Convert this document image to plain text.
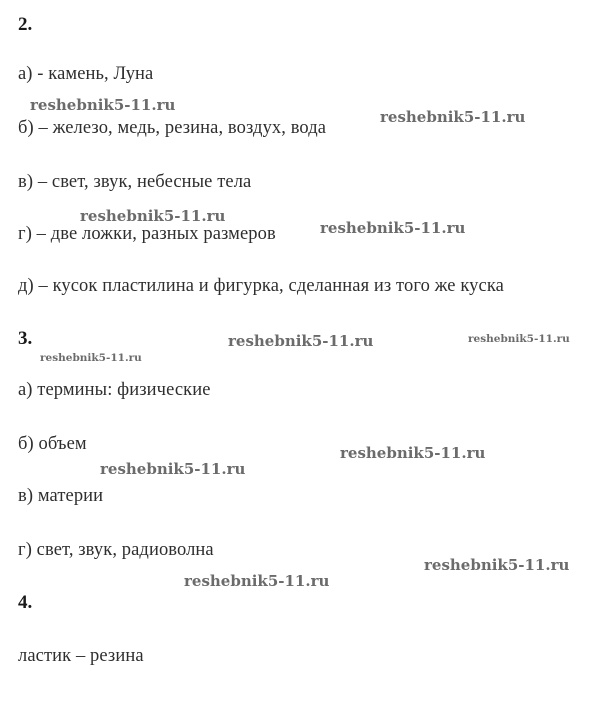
2.
а) - камень, Луна
б) – железо, медь, резина, воздух, вода
в) – свет, звук, небесные тела
г) – две ложки, разных размеров
д) – кусок пластилина и фигурка, сделанная из того же куска
3.
а) термины: физические
б) объем
в) материи
г) свет, звук, радиоволна
4.
ластик – резина
reshebnik5-11.ru
reshebnik5-11.ru
reshebnik5-11.ru
reshebnik5-11.ru
reshebnik5-11.ru	reshebnik5-11.ru
reshebnik5-11.ru
reshebnik5-11.ru
reshebnik5-11.ru
reshebnik5-11.ru
reshebnik5-11.ru
